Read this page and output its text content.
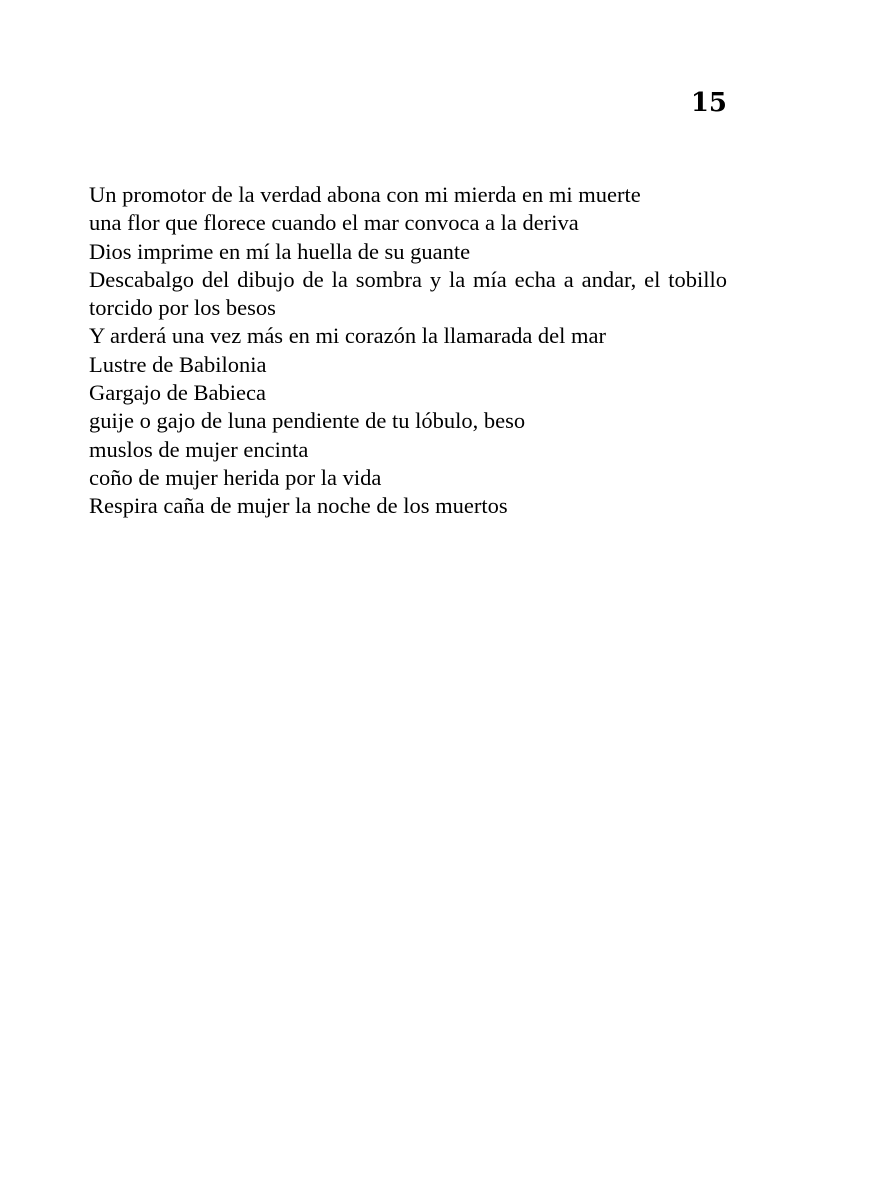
15
Un promotor de la verdad abona con mi mierda en mi muerte
una flor que florece cuando el mar convoca a la deriva
Dios imprime en mí la huella de su guante
Descabalgo del dibujo de la sombra y la mía echa a andar, el tobillo torcido por los besos
Y arderá una vez más en mi corazón la llamarada del mar
Lustre de Babilonia
Gargajo de Babieca
guije o gajo de luna pendiente de tu lóbulo, beso
muslos de mujer encinta
coño de mujer herida por la vida
Respira caña de mujer la noche de los muertos
